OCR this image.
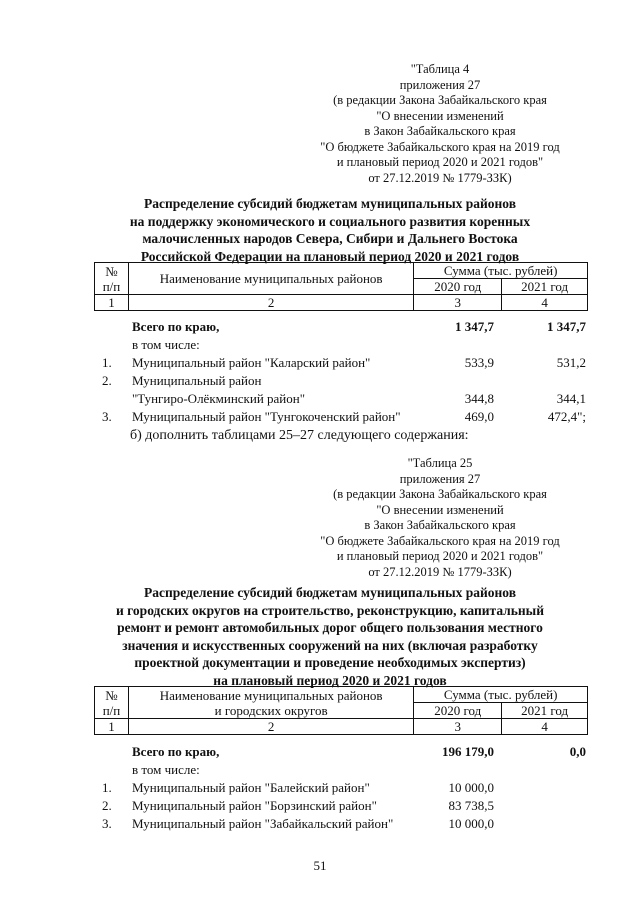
"Таблица 4
приложения 27
(в редакции Закона Забайкальского края
"О внесении изменений
в Закон Забайкальского края
"О бюджете Забайкальского края на 2019 год
и плановый период 2020 и 2021 годов"
от 27.12.2019 № 1779-ЗЗК)
Распределение субсидий бюджетам муниципальных районов
на поддержку экономического и социального развития коренных
малочисленных народов Севера, Сибири и Дальнего Востока
Российской Федерации на плановый период 2020 и 2021 годов
№ п/п	Наименование муниципальных районов	Сумма (тыс. рублей)	
		2020 год	2021 год
1	2	3	4
Всего по краю,	1 347,7	1 347,7
в том числе:
1. Муниципальный район "Каларский район"	533,9	531,2
2. Муниципальный район
"Тунгиро-Олёкминский район"	344,8	344,1
3. Муниципальный район "Тунгокоченский район"	469,0	472,4";
б) дополнить таблицами 25–27 следующего содержания:
"Таблица 25
приложения 27
(в редакции Закона Забайкальского края
"О внесении изменений
в Закон Забайкальского края
"О бюджете Забайкальского края на 2019 год
и плановый период 2020 и 2021 годов"
от 27.12.2019 № 1779-ЗЗК)
Распределение субсидий бюджетам муниципальных районов
и городских округов на строительство, реконструкцию, капитальный
ремонт и ремонт автомобильных дорог общего пользования местного
значения и искусственных сооружений на них (включая разработку
проектной документации и проведение необходимых экспертиз)
на плановый период 2020 и 2021 годов
№ п/п	Наименование муниципальных районов
и городских округов	Сумма (тыс. рублей)	
		2020 год	2021 год
1	2	3	4
Всего по краю,	196 179,0	0,0
в том числе:
1. Муниципальный район "Балейский район"	10 000,0
2. Муниципальный район "Борзинский район"	83 738,5
3. Муниципальный район "Забайкальский район"	10 000,0
51
